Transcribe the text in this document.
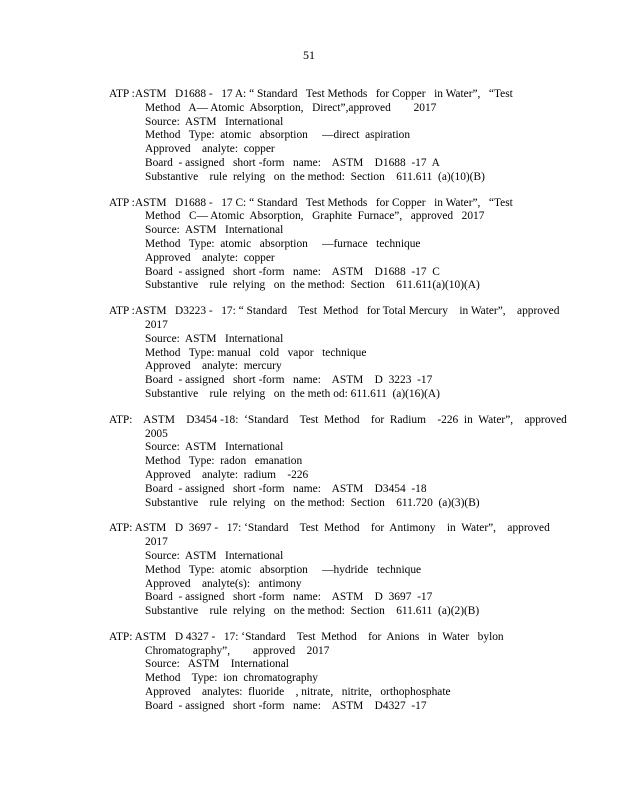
51
ATP :ASTM   D1688 -   17 A: “ Standard   Test Methods   for Copper   in Water”,   “Test
Method   A— Atomic  Absorption,   Direct”,approved        2017
Source:  ASTM   International
Method   Type:  atomic   absorption     —direct  aspiration
Approved    analyte:  copper
Board  - assigned   short -form   name:    ASTM    D1688  -17  A
Substantive    rule  relying   on  the method:  Section    611.611  (a)(10)(B)
ATP :ASTM   D1688 -   17 C: “ Standard   Test Methods   for Copper   in Water”,   “Test
Method   C— Atomic  Absorption,   Graphite  Furnace”,   approved   2017
Source:  ASTM   International
Method   Type:  atomic   absorption     —furnace   technique
Approved    analyte:  copper
Board  - assigned   short -form   name:    ASTM    D1688  -17  C
Substantive    rule  relying   on  the method:  Section    611.611(a)(10)(A)
ATP :ASTM   D3223 -   17: “ Standard    Test  Method   for Total Mercury    in Water”,    approved
2017
Source:  ASTM   International
Method   Type: manual   cold   vapor   technique
Approved    analyte:  mercury
Board  - assigned   short -form   name:    ASTM    D  3223  -17
Substantive    rule  relying   on  the meth od: 611.611  (a)(16)(A)
ATP:    ASTM    D3454 -18:  ‘Standard    Test  Method    for  Radium    -226  in  Water”,    approved
2005
Source:  ASTM   International
Method   Type:  radon   emanation
Approved    analyte:  radium    -226
Board  - assigned   short -form   name:    ASTM    D3454  -18
Substantive    rule  relying   on  the method:  Section    611.720  (a)(3)(B)
ATP: ASTM   D  3697 -   17: ‘Standard    Test  Method    for  Antimony    in  Water”,    approved
2017
Source:  ASTM   International
Method   Type:  atomic   absorption     —hydride   technique
Approved    analyte(s):   antimony
Board  - assigned   short -form   name:    ASTM    D  3697  -17
Substantive    rule  relying   on  the method:  Section    611.611  (a)(2)(B)
ATP: ASTM   D 4327 -   17: ‘Standard    Test  Method    for  Anions   in  Water   bylon
Chromatography”,        approved    2017
Source:   ASTM    International
Method    Type:  ion  chromatography
Approved    analytes:  fluoride    , nitrate,   nitrite,   orthophosphate
Board  - assigned   short -form   name:    ASTM    D4327  -17
